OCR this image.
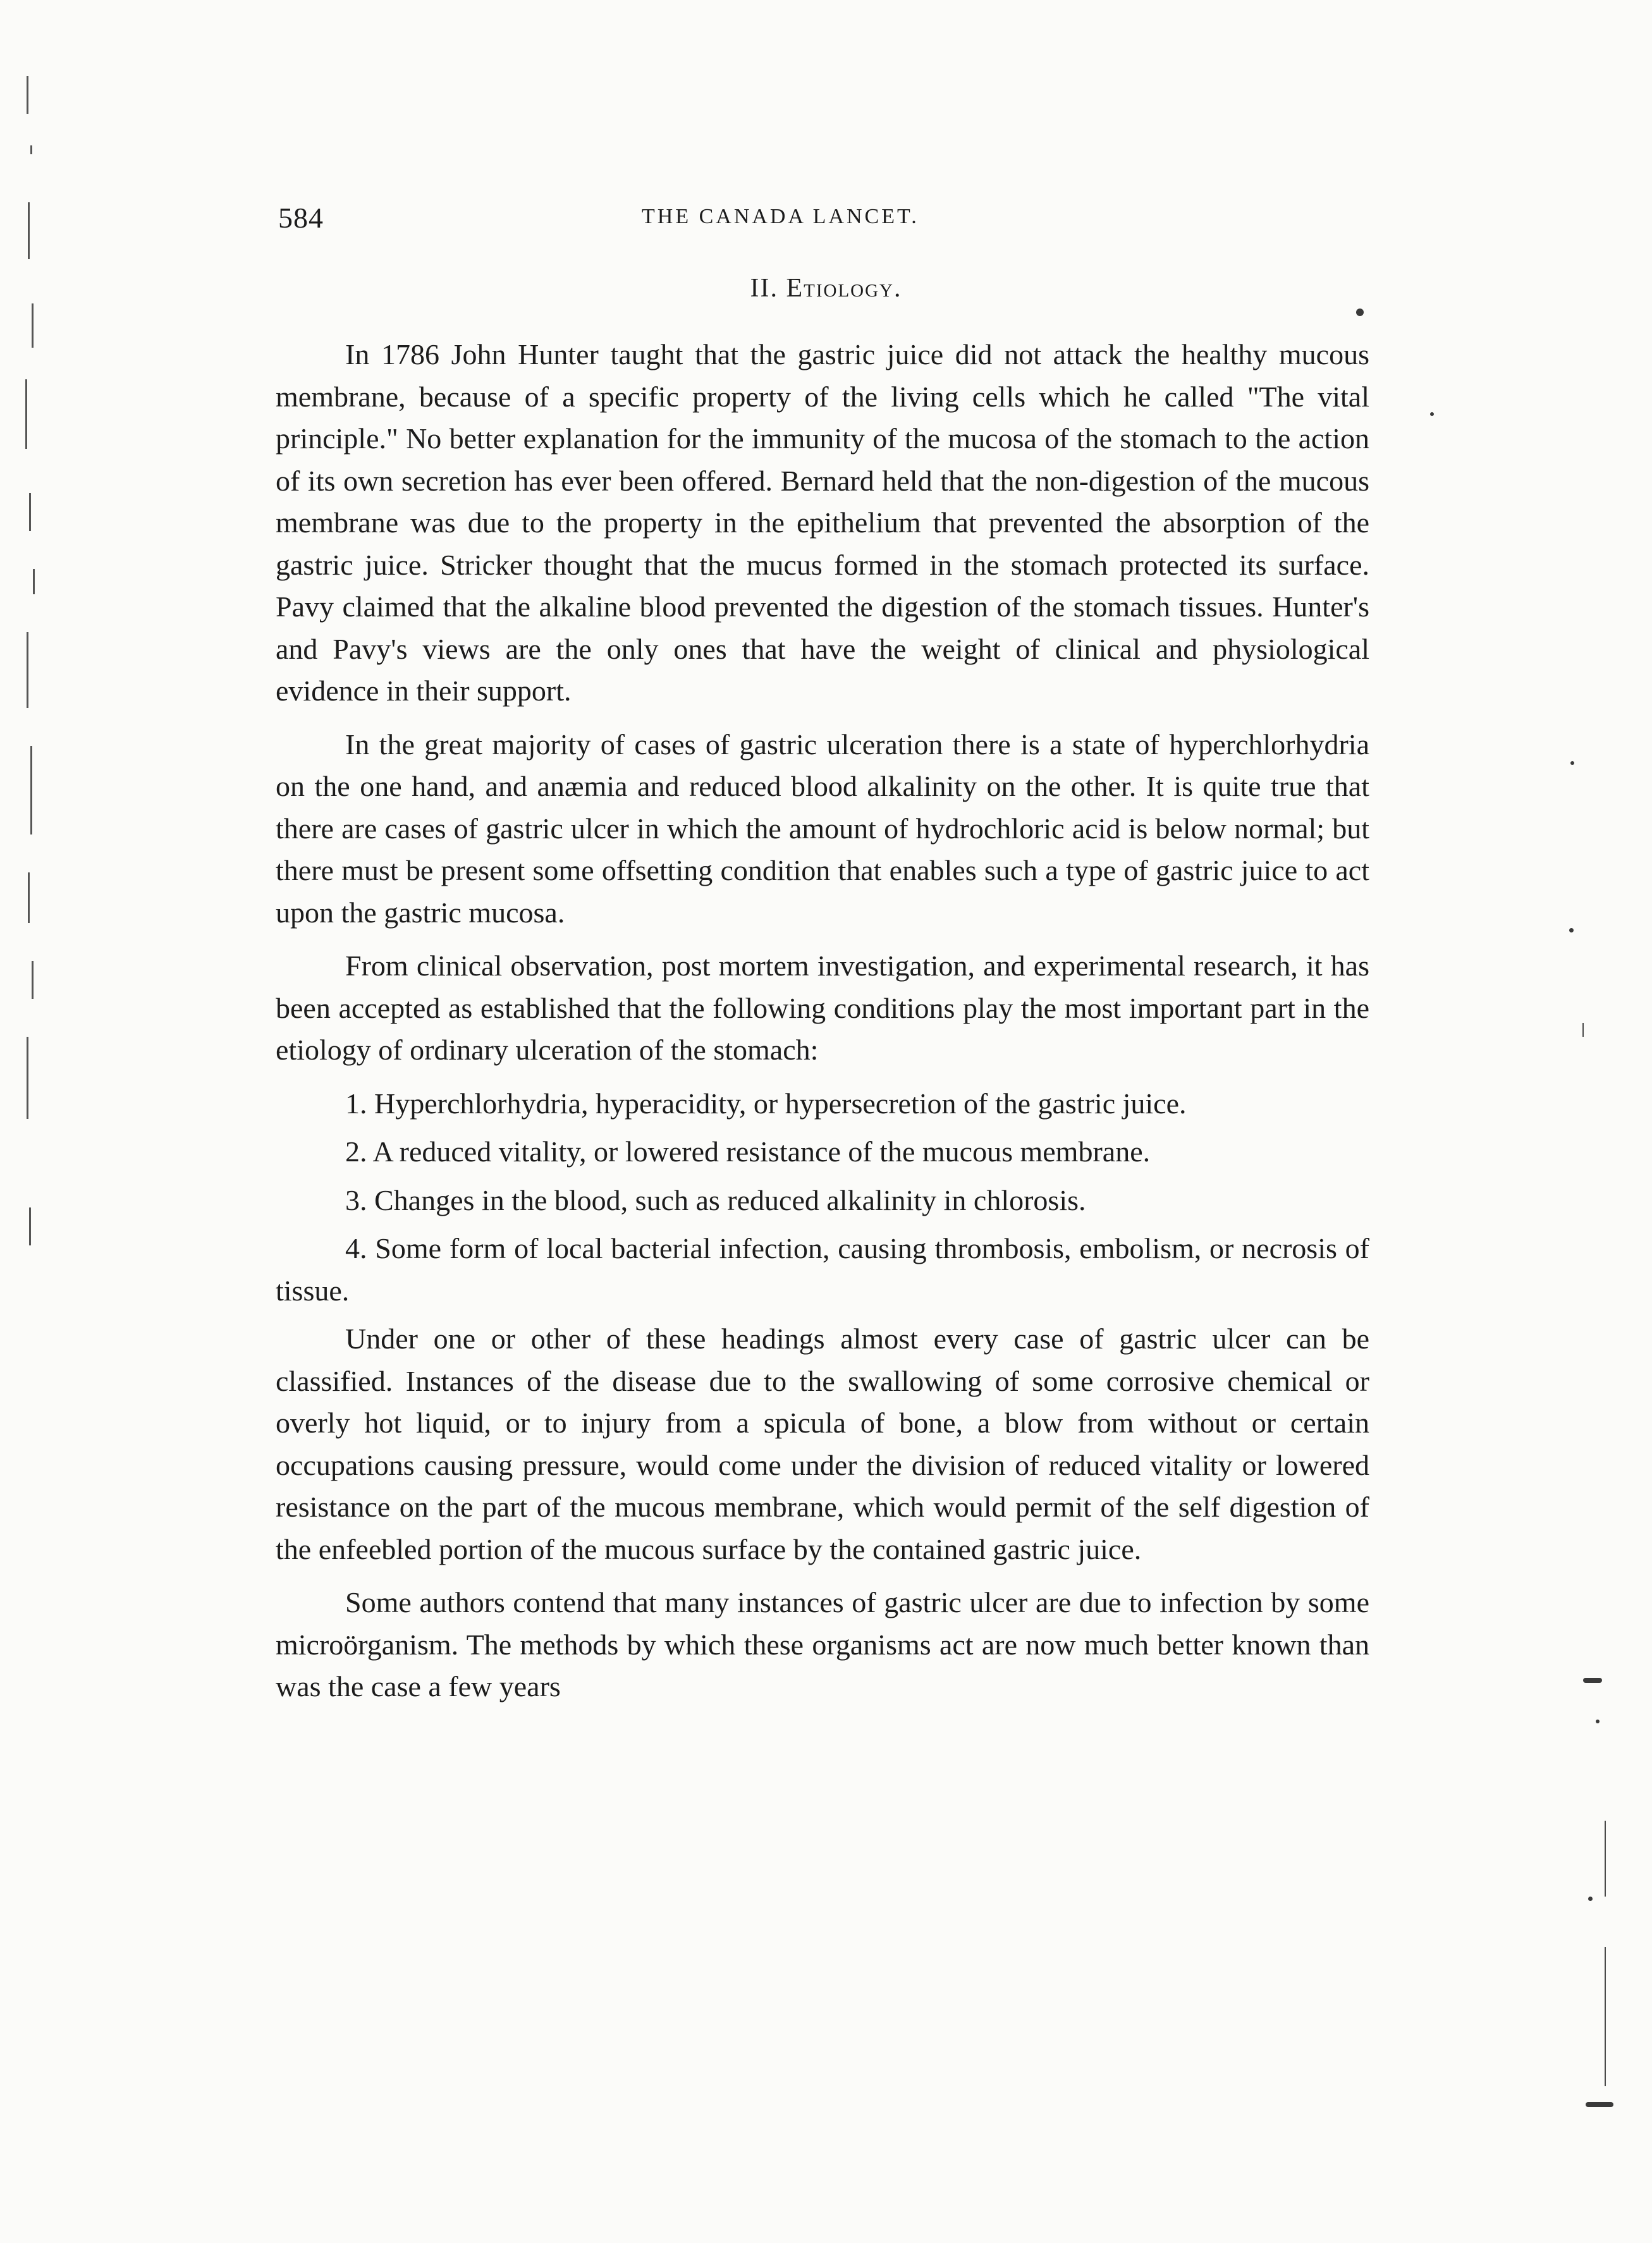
584	THE CANADA LANCET.
II. Etiology.

In 1786 John Hunter taught that the gastric juice did not attack the healthy mucous membrane, because of a specific property of the living cells which he called "The vital principle." No better explanation for the immunity of the mucosa of the stomach to the action of its own secretion has ever been offered. Bernard held that the non-digestion of the mucous membrane was due to the property in the epithelium that prevented the absorption of the gastric juice. Stricker thought that the mucus formed in the stomach protected its surface. Pavy claimed that the alkaline blood prevented the digestion of the stomach tissues. Hunter's and Pavy's views are the only ones that have the weight of clinical and physiological evidence in their support.

In the great majority of cases of gastric ulceration there is a state of hyperchlorhydria on the one hand, and anæmia and reduced blood alkalinity on the other. It is quite true that there are cases of gastric ulcer in which the amount of hydrochloric acid is below normal; but there must be present some offsetting condition that enables such a type of gastric juice to act upon the gastric mucosa.

From clinical observation, post mortem investigation, and experimental research, it has been accepted as established that the following conditions play the most important part in the etiology of ordinary ulceration of the stomach:

1. Hyperchlorhydria, hyperacidity, or hypersecretion of the gastric juice.

2. A reduced vitality, or lowered resistance of the mucous membrane.

3. Changes in the blood, such as reduced alkalinity in chlorosis.

4. Some form of local bacterial infection, causing thrombosis, embolism, or necrosis of tissue.

Under one or other of these headings almost every case of gastric ulcer can be classified. Instances of the disease due to the swallowing of some corrosive chemical or overly hot liquid, or to injury from a spicula of bone, a blow from without or certain occupations causing pressure, would come under the division of reduced vitality or lowered resistance on the part of the mucous membrane, which would permit of the self digestion of the enfeebled portion of the mucous surface by the contained gastric juice.

Some authors contend that many instances of gastric ulcer are due to infection by some microörganism. The methods by which these organisms act are now much better known than was the case a few years
